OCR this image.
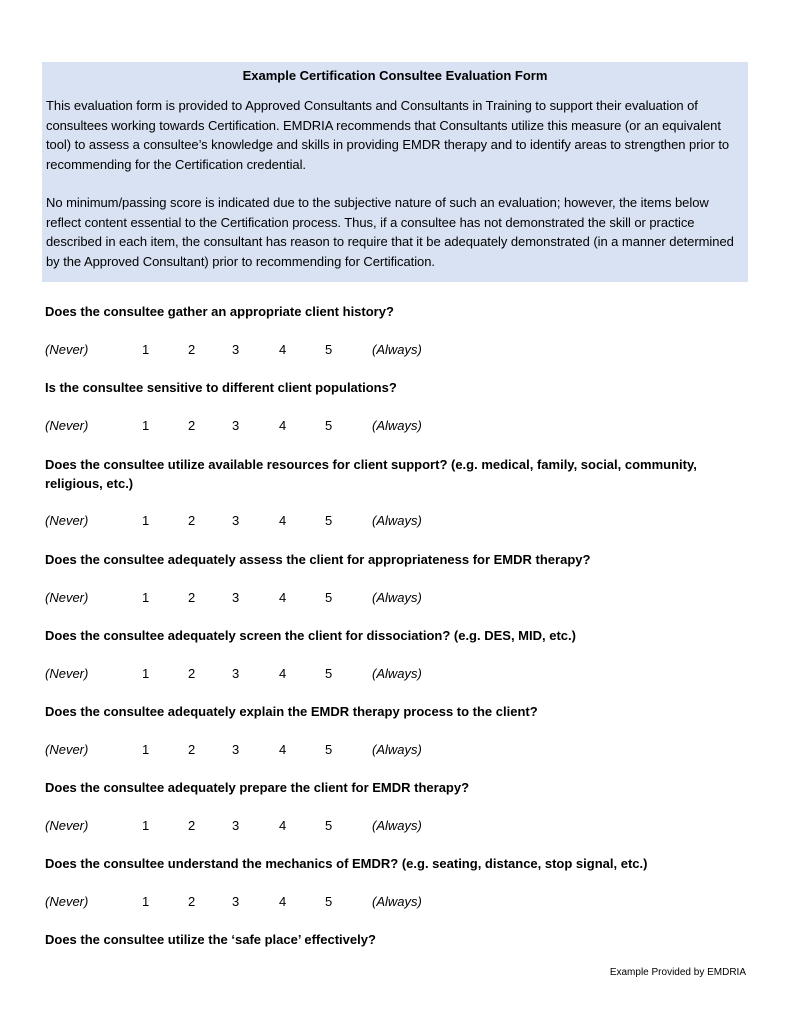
Example Certification Consultee Evaluation Form

This evaluation form is provided to Approved Consultants and Consultants in Training to support their evaluation of consultees working towards Certification. EMDRIA recommends that Consultants utilize this measure (or an equivalent tool) to assess a consultee’s knowledge and skills in providing EMDR therapy and to identify areas to strengthen prior to recommending for the Certification credential.

No minimum/passing score is indicated due to the subjective nature of such an evaluation; however, the items below reflect content essential to the Certification process. Thus, if a consultee has not demonstrated the skill or practice described in each item, the consultant has reason to require that it be adequately demonstrated (in a manner determined by the Approved Consultant) prior to recommending for Certification.

Does the consultee gather an appropriate client history?
(Never)	1	2	3	4	5	(Always)
Is the consultee sensitive to different client populations?
(Never)	1	2	3	4	5	(Always)
Does the consultee utilize available resources for client support? (e.g. medical, family, social, community, religious, etc.)
(Never)	1	2	3	4	5	(Always)
Does the consultee adequately assess the client for appropriateness for EMDR therapy?
(Never)	1	2	3	4	5	(Always)
Does the consultee adequately screen the client for dissociation? (e.g. DES, MID, etc.)
(Never)	1	2	3	4	5	(Always)
Does the consultee adequately explain the EMDR therapy process to the client?
(Never)	1	2	3	4	5	(Always)
Does the consultee adequately prepare the client for EMDR therapy?
(Never)	1	2	3	4	5	(Always)
Does the consultee understand the mechanics of EMDR? (e.g. seating, distance, stop signal, etc.)
(Never)	1	2	3	4	5	(Always)
Does the consultee utilize the ‘safe place’ effectively?
Example Provided by EMDRIA
